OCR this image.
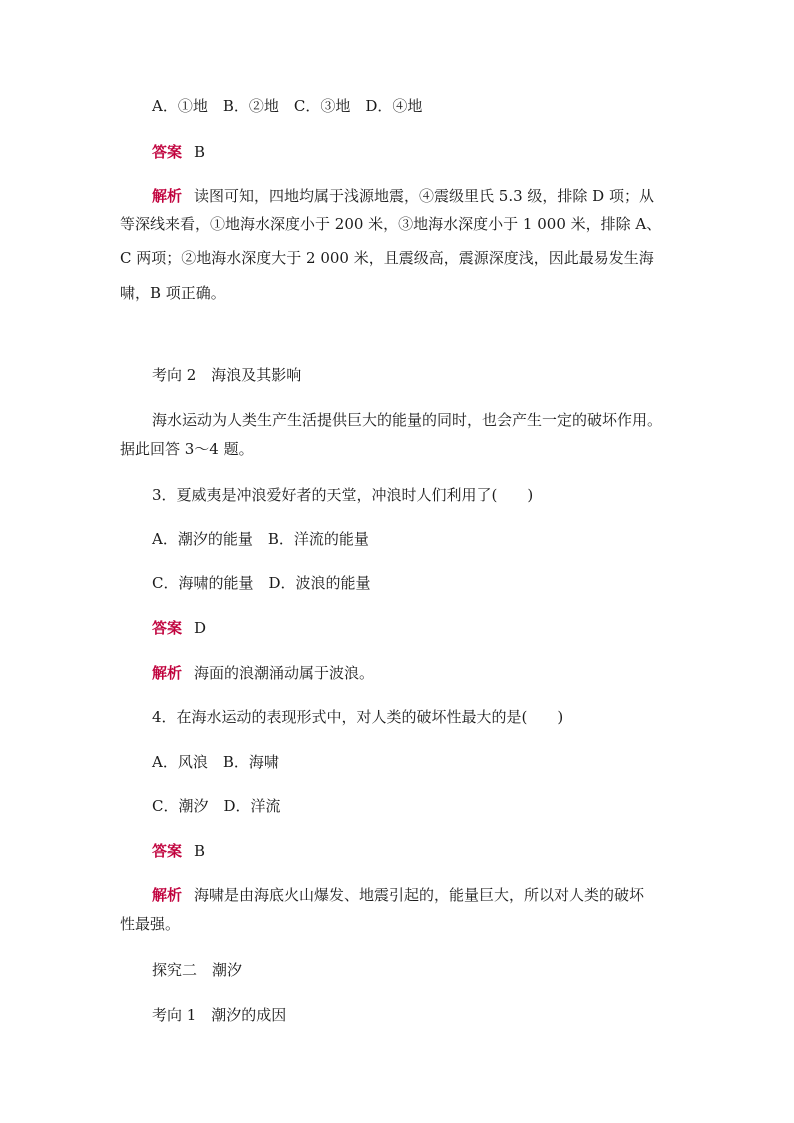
A．①地　B．②地　C．③地　D．④地
答案 B
解析 读图可知，四地均属于浅源地震，④震级里氏 5.3 级，排除 D 项；从
等深线来看，①地海水深度小于 200 米，③地海水深度小于 1 000 米，排除 A、
C 两项；②地海水深度大于 2 000 米，且震级高，震源深度浅，因此最易发生海
啸，B 项正确。
考向 2　海浪及其影响
海水运动为人类生产生活提供巨大的能量的同时，也会产生一定的破坏作用。
据此回答 3～4 题。
3．夏威夷是冲浪爱好者的天堂，冲浪时人们利用了(　　)
A．潮汐的能量　B．洋流的能量
C．海啸的能量　D．波浪的能量
答案 D
解析 海面的浪潮涌动属于波浪。
4．在海水运动的表现形式中，对人类的破坏性最大的是(　　)
A．风浪　B．海啸
C．潮汐　D．洋流
答案 B
解析 海啸是由海底火山爆发、地震引起的，能量巨大，所以对人类的破坏
性最强。
探究二　潮汐
考向 1　潮汐的成因
